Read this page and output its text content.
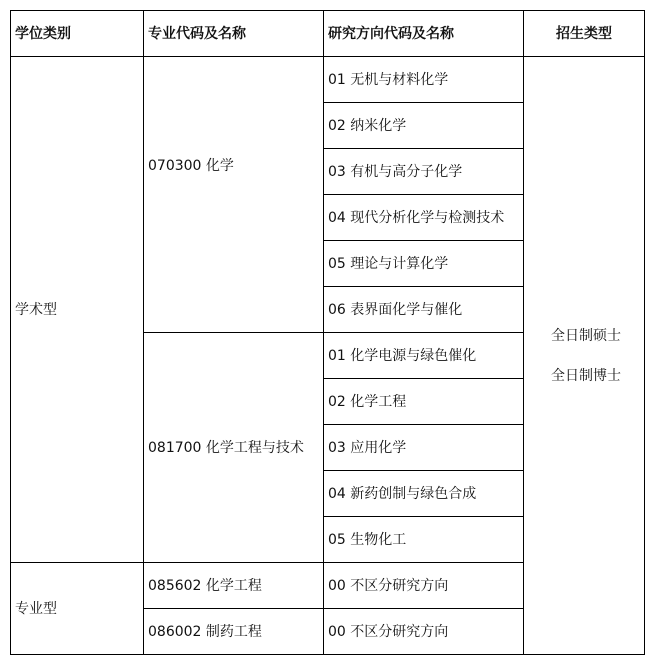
学位类别	专业代码及名称	研究方向代码及名称	招生类型
学术型	070300 化学	01 无机与材料化学	全日制硕士
全日制博士

		02 纳米化学	
		03 有机与高分子化学	
		04 现代分析化学与检测技术	
		05 理论与计算化学	
		06 表界面化学与催化	
	081700 化学工程与技术	01 化学电源与绿色催化	
		02 化学工程	
		03 应用化学	
		04 新药创制与绿色合成	
		05 生物化工	
专业型	085602 化学工程	00 不区分研究方向	
	086002 制药工程	00 不区分研究方向	
